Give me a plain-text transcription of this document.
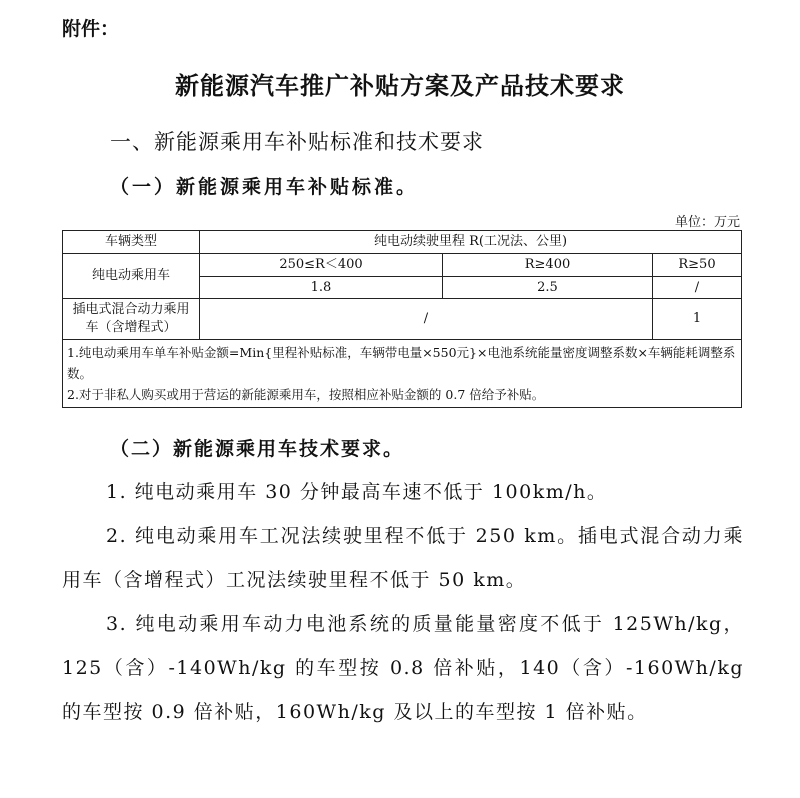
附件：
新能源汽车推广补贴方案及产品技术要求
一、新能源乘用车补贴标准和技术要求
（一）新能源乘用车补贴标准。
单位：万元
车辆类型	纯电动续驶里程 R(工况法、公里)		
纯电动乘用车	250≤R＜400	R≥400	R≥50
	1.8	2.5	/
插电式混合动力乘用车（含增程式）	/		1

1.纯电动乘用车单车补贴金额=Min{里程补贴标准，车辆带电量×550元}×电池系统能量密度调整系数×车辆能耗调整系数。
2.对于非私人购买或用于营运的新能源乘用车，按照相应补贴金额的 0.7 倍给予补贴。			
（二）新能源乘用车技术要求。
1. 纯电动乘用车 30 分钟最高车速不低于 100km/h。
2. 纯电动乘用车工况法续驶里程不低于 250 km。插电式混合动力乘用车（含增程式）工况法续驶里程不低于 50 km。
3. 纯电动乘用车动力电池系统的质量能量密度不低于 125Wh/kg，125（含）-140Wh/kg 的车型按 0.8 倍补贴，140（含）-160Wh/kg 的车型按 0.9 倍补贴，160Wh/kg 及以上的车型按 1 倍补贴。
